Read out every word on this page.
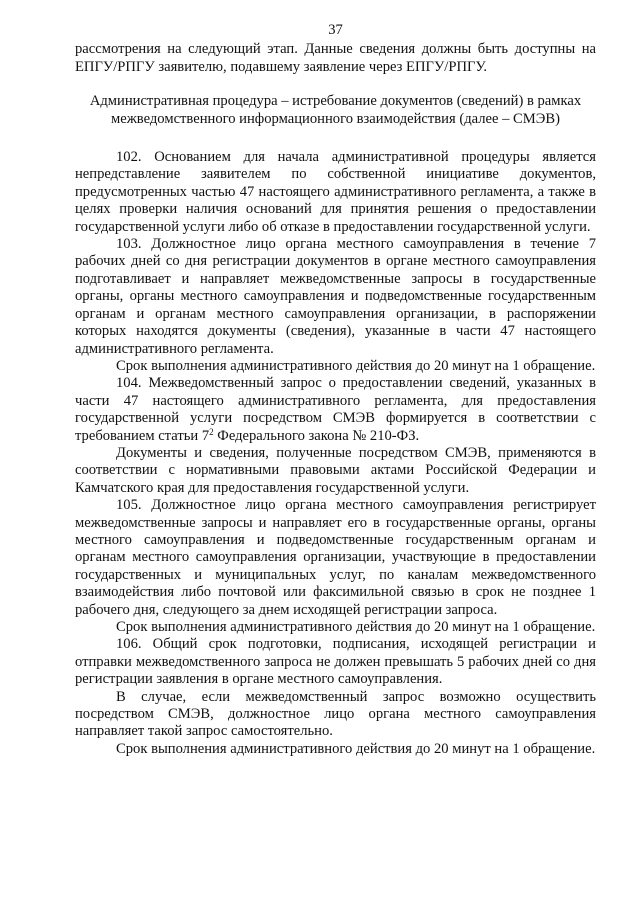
37

рассмотрения на следующий этап. Данные сведения должны быть доступны на ЕПГУ/РПГУ заявителю, подавшему заявление через ЕПГУ/РПГУ.

Административная процедура – истребование документов (сведений) в рамках
межведомственного информационного взаимодействия (далее – СМЭВ)

102. Основанием для начала административной процедуры является непредставление заявителем по собственной инициативе документов, предусмотренных частью 47 настоящего административного регламента, а также в целях проверки наличия оснований для принятия решения о предоставлении государственной услуги либо об отказе в предоставлении государственной услуги.

103. Должностное лицо органа местного самоуправления в течение 7 рабочих дней со дня регистрации документов в органе местного самоуправления подготавливает и направляет межведомственные запросы в государственные органы, органы местного самоуправления и подведомственные государственным органам и органам местного самоуправления организации, в распоряжении которых находятся документы (сведения), указанные в части 47 настоящего административного регламента.

Срок выполнения административного действия до 20 минут на 1 обращение.

104. Межведомственный запрос о предоставлении сведений, указанных в части 47 настоящего административного регламента, для предоставления государственной услуги посредством СМЭВ формируется в соответствии с требованием статьи $7^2$ Федерального закона № 210-ФЗ.

Документы и сведения, полученные посредством СМЭВ, применяются в соответствии с нормативными правовыми актами Российской Федерации и Камчатского края для предоставления государственной услуги.

105. Должностное лицо органа местного самоуправления регистрирует межведомственные запросы и направляет его в государственные органы, органы местного самоуправления и подведомственные государственным органам и органам местного самоуправления организации, участвующие в предоставлении государственных и муниципальных услуг, по каналам межведомственного взаимодействия либо почтовой или факсимильной связью в срок не позднее 1 рабочего дня, следующего за днем исходящей регистрации запроса.

Срок выполнения административного действия до 20 минут на 1 обращение.

106. Общий срок подготовки, подписания, исходящей регистрации и отправки межведомственного запроса не должен превышать 5 рабочих дней со дня регистрации заявления в органе местного самоуправления.

В случае, если межведомственный запрос возможно осуществить посредством СМЭВ, должностное лицо органа местного самоуправления направляет такой запрос самостоятельно.

Срок выполнения административного действия до 20 минут на 1 обращение.
